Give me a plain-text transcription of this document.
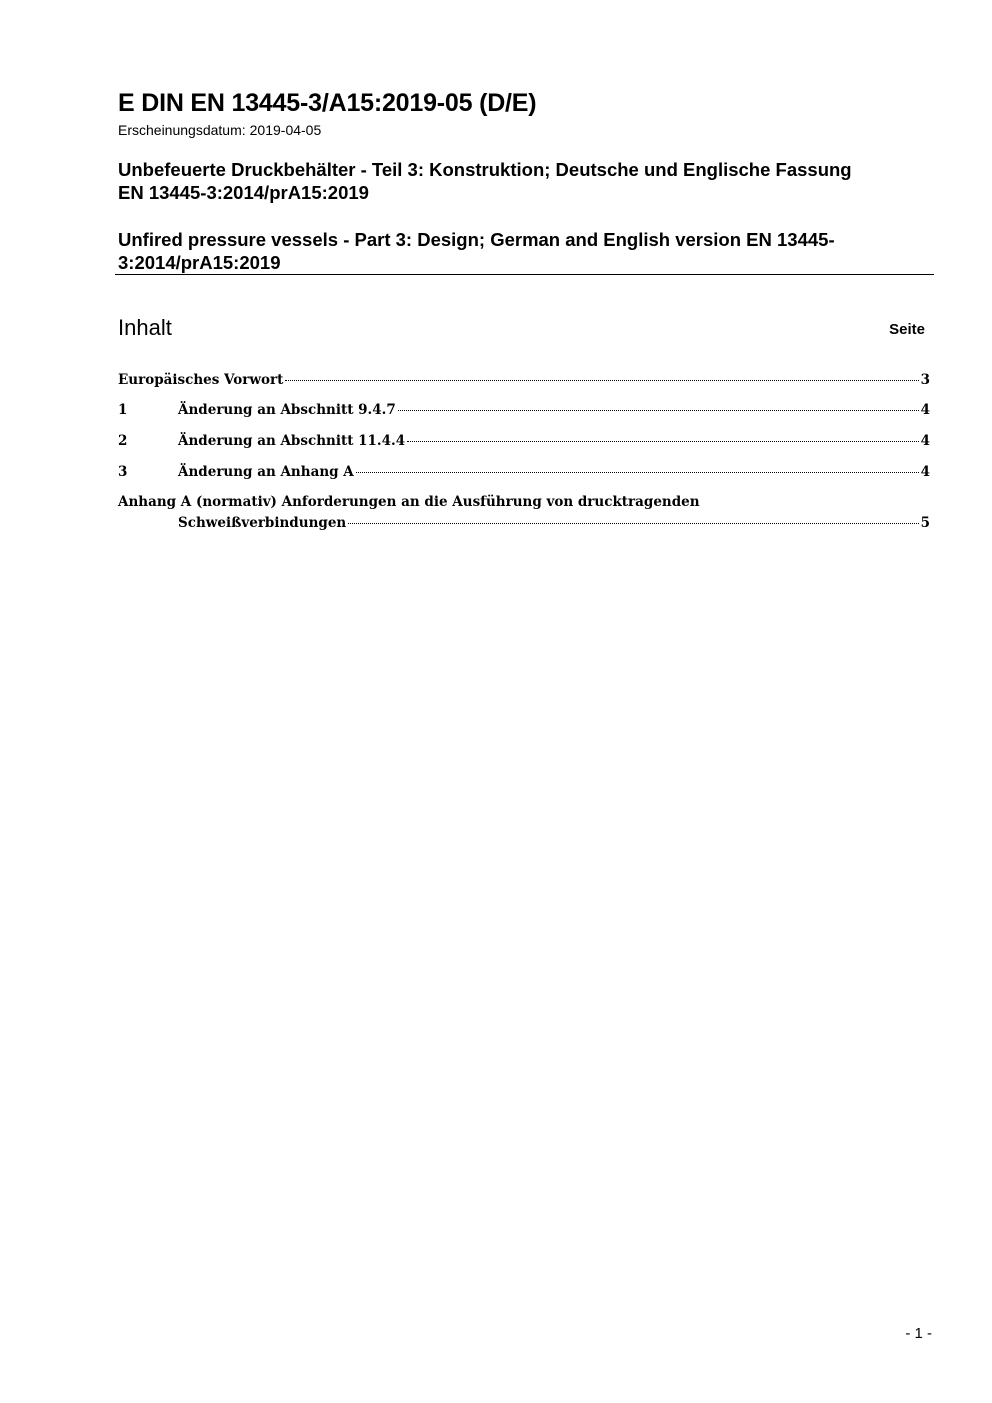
E DIN EN 13445-3/A15:2019-05 (D/E)
Erscheinungsdatum: 2019-04-05
Unbefeuerte Druckbehälter - Teil 3: Konstruktion; Deutsche und Englische Fassung
EN 13445-3:2014/prA15:2019
Unfired pressure vessels - Part 3: Design; German and English version EN 13445-
3:2014/prA15:2019
Inhalt	Seite
Europäisches Vorwort	3
1	Änderung an Abschnitt 9.4.7	4
2	Änderung an Abschnitt 11.4.4	4
3	Änderung an Anhang A	4
Anhang A (normativ) Anforderungen an die Ausführung von drucktragenden
Schweißverbindungen	5
- 1 -
